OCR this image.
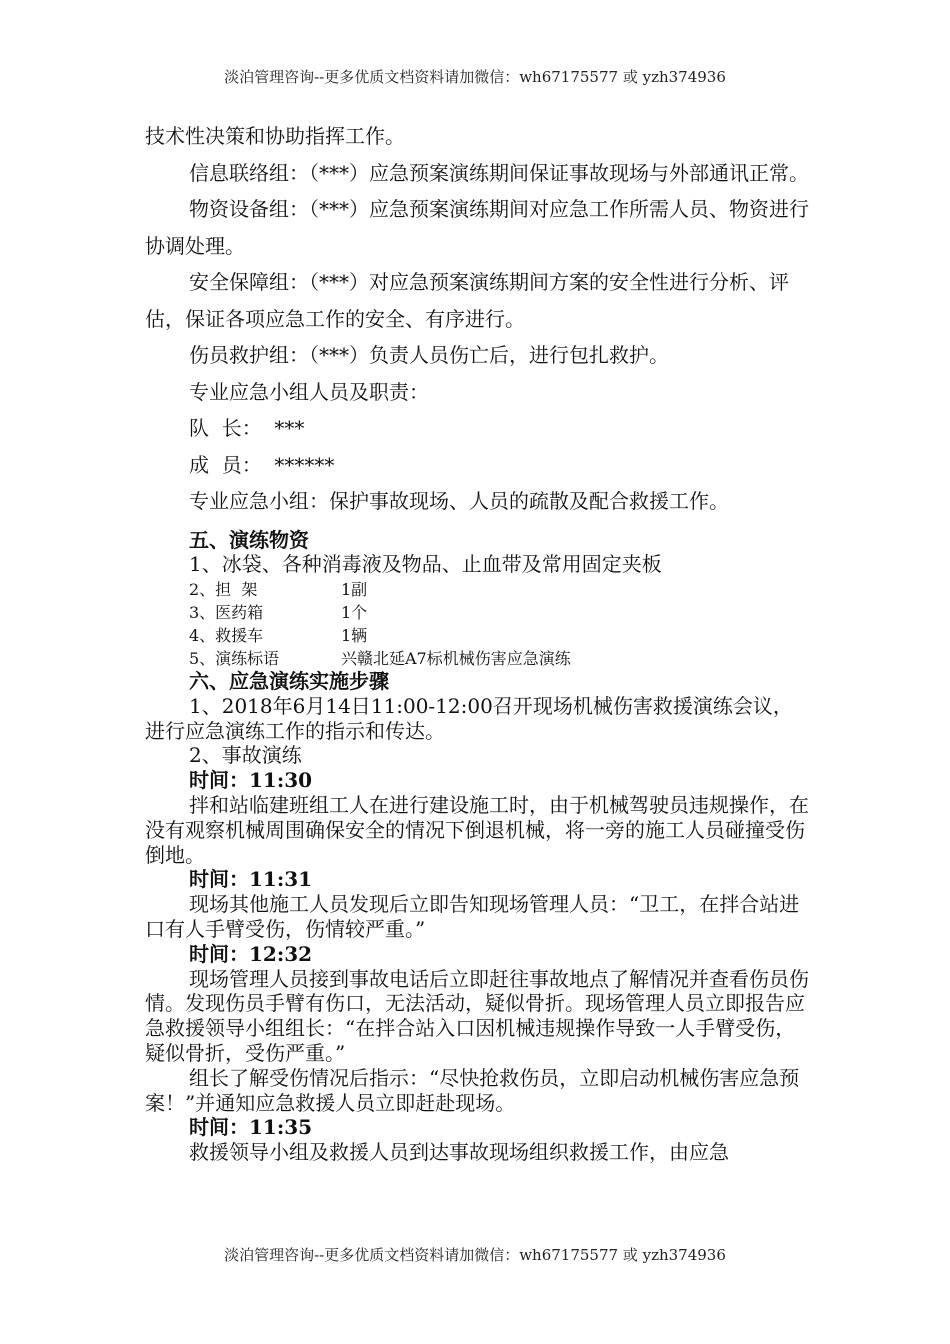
淡泊管理咨询--更多优质文档资料请加微信：wh67175577 或 yzh374936

技术性决策和协助指挥工作。

信息联络组：（***）应急预案演练期间保证事故现场与外部通讯正常。

物资设备组：（***）应急预案演练期间对应急工作所需人员、物资进行协调处理。

安全保障组：（***）对应急预案演练期间方案的安全性进行分析、评估，保证各项应急工作的安全、有序进行。

伤员救护组：（***）负责人员伤亡后，进行包扎救护。

专业应急小组人员及职责：

队  长：  ***

成  员：  ******

专业应急小组：保护事故现场、人员的疏散及配合救援工作。

五、演练物资

1、冰袋、各种消毒液及物品、止血带及常用固定夹板

2、担  架	1副
3、医药箱	1个
4、救援车	1辆
5、演练标语	兴赣北延A7标机械伤害应急演练

六、应急演练实施步骤

1、2018年6月14日11:00-12:00召开现场机械伤害救援演练会议，进行应急演练工作的指示和传达。

2、事故演练

时间：11:30

拌和站临建班组工人在进行建设施工时，由于机械驾驶员违规操作，在没有观察机械周围确保安全的情况下倒退机械，将一旁的施工人员碰撞受伤倒地。

时间：11:31

现场其他施工人员发现后立即告知现场管理人员：“卫工，在拌合站进口有人手臂受伤，伤情较严重。”

时间：12:32

现场管理人员接到事故电话后立即赶往事故地点了解情况并查看伤员伤情。发现伤员手臂有伤口，无法活动，疑似骨折。现场管理人员立即报告应急救援领导小组组长：“在拌合站入口因机械违规操作导致一人手臂受伤，疑似骨折，受伤严重。”

组长了解受伤情况后指示：“尽快抢救伤员，立即启动机械伤害应急预案！”并通知应急救援人员立即赶赴现场。

时间：11:35

救援领导小组及救援人员到达事故现场组织救援工作，由应急

淡泊管理咨询--更多优质文档资料请加微信：wh67175577 或 yzh374936
